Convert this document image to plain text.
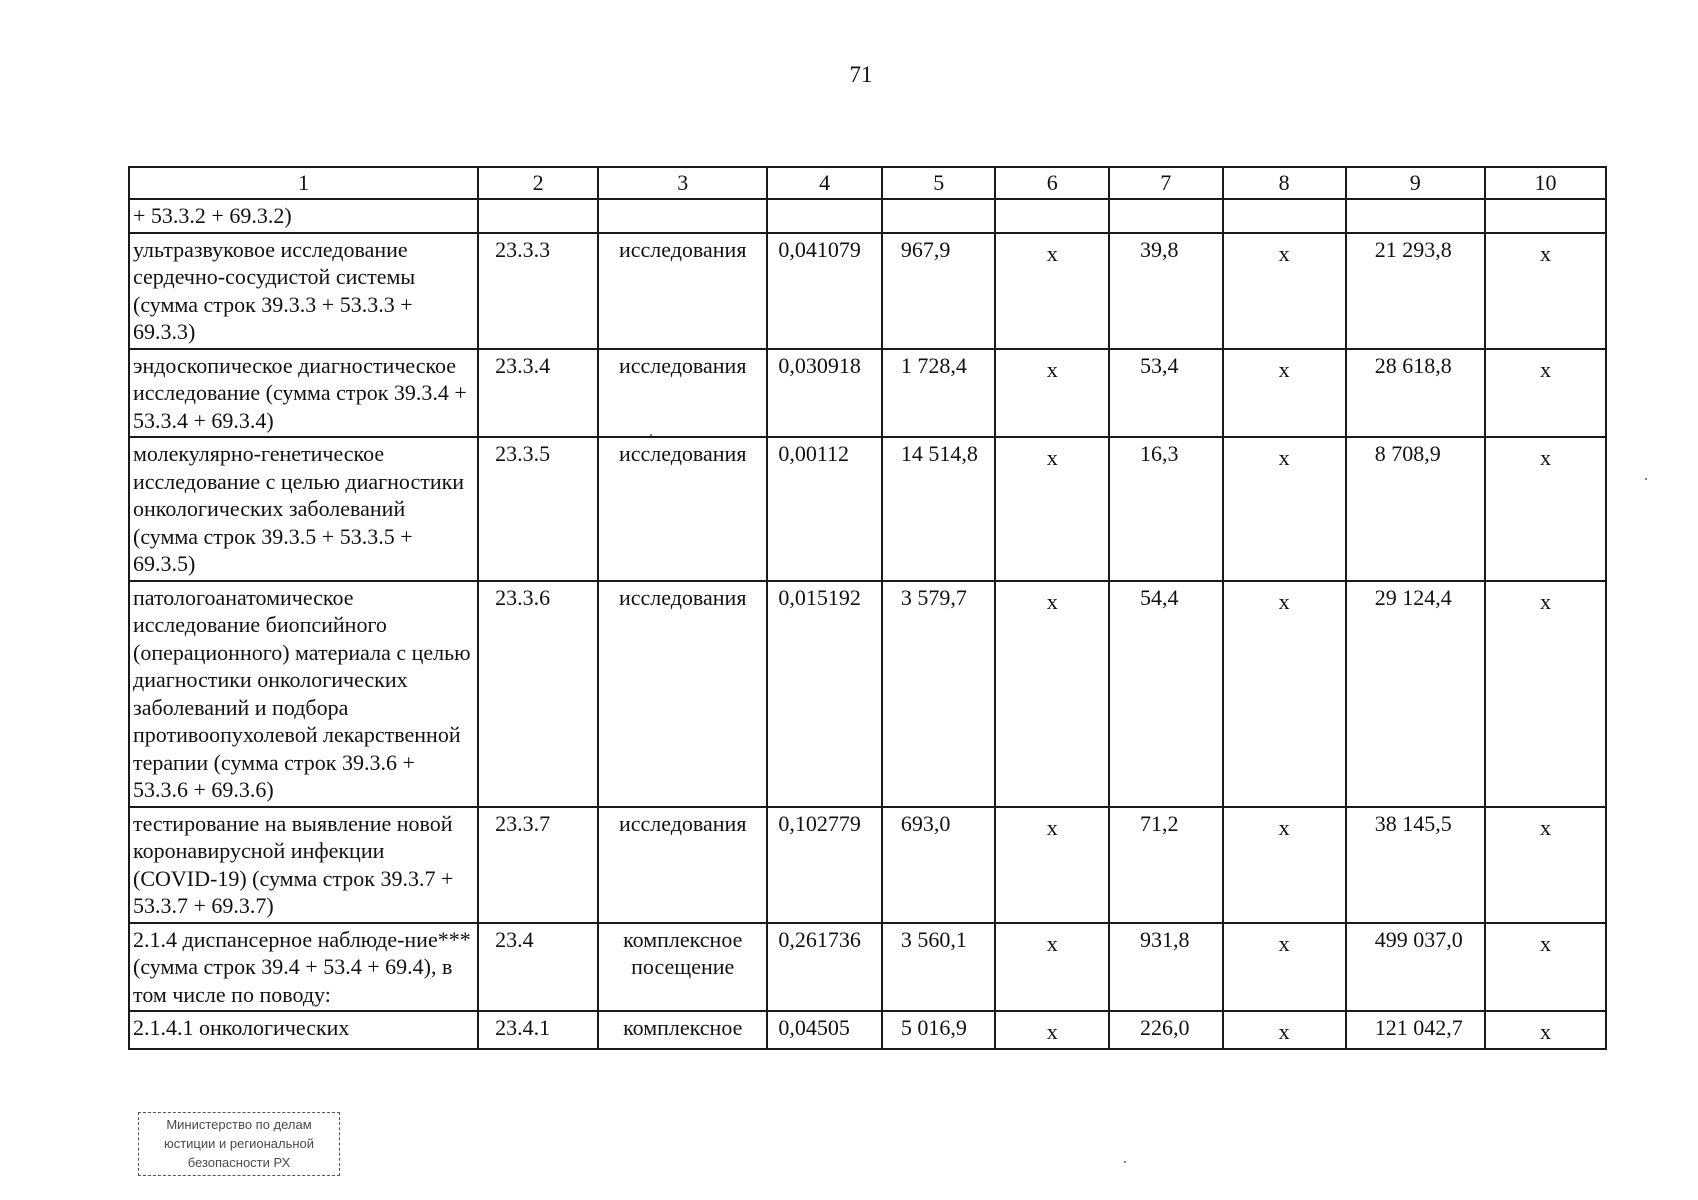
71
1	2	3	4	5	6	7	8	9	10
+ 53.3.2 + 69.3.2)									
ультразвуковое исследование сердечно-сосудистой системы (сумма строк 39.3.3 + 53.3.3 + 69.3.3)	23.3.3	исследования	0,041079	967,9	х	39,8	х	21 293,8	х
эндоскопическое диагностическое исследование (сумма строк 39.3.4 + 53.3.4 + 69.3.4)	23.3.4	исследования	0,030918	1 728,4	х	53,4	х	28 618,8	х
молекулярно-генетическое исследование с целью диагностики онкологических заболеваний (сумма строк 39.3.5 + 53.3.5 + 69.3.5)	23.3.5	исследования	0,00112	14 514,8	х	16,3	х	8 708,9	х
патологоанатомическое исследование биопсийного (операционного) материала с целью диагностики онкологических заболеваний и подбора противоопухолевой лекарственной терапии (сумма строк 39.3.6 + 53.3.6 + 69.3.6)	23.3.6	исследования	0,015192	3 579,7	х	54,4	х	29 124,4	х
тестирование на выявление новой коронавирусной инфекции (COVID-19) (сумма строк 39.3.7 + 53.3.7 + 69.3.7)	23.3.7	исследования	0,102779	693,0	х	71,2	х	38 145,5	х
2.1.4 диспансерное наблюде-ние*** (сумма строк 39.4 + 53.4 + 69.4), в том числе по поводу:	23.4	комплексное посещение	0,261736	3 560,1	х	931,8	х	499 037,0	х
2.1.4.1 онкологических	23.4.1	комплексное	0,04505	5 016,9	х	226,0	х	121 042,7	х
Министерство по делам
юстиции и региональной
безопасности РХ
